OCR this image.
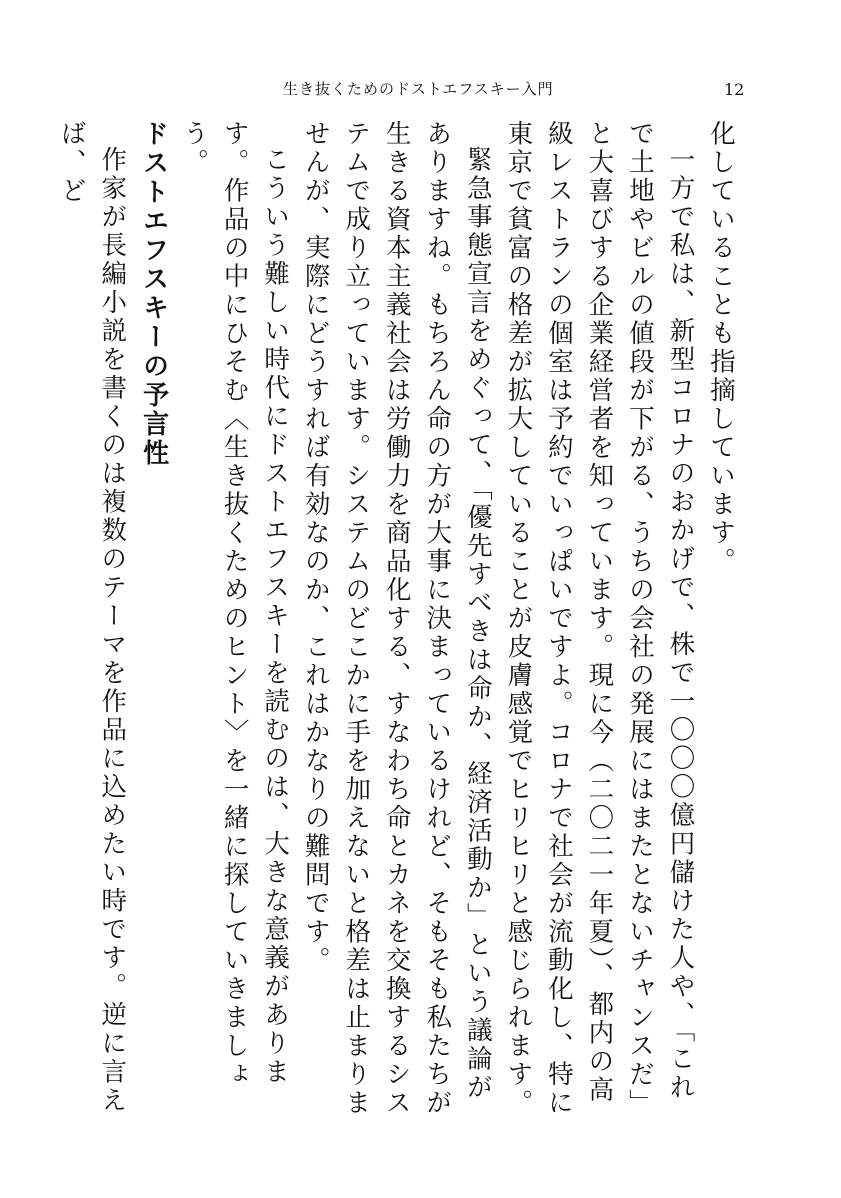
生き抜くためのドストエフスキー入門	12

化していることも指摘しています。

一方で私は、新型コロナのおかげで、株で一〇〇〇億円儲けた人や、「これで土地やビルの値段が下がる、うちの会社の発展にはまたとないチャンスだ」と大喜びする企業経営者を知っています。現に今（二〇二一年夏）、都内の高級レストランの個室は予約でいっぱいですよ。コロナで社会が流動化し、特に東京で貧富の格差が拡大していることが皮膚感覚でヒリヒリと感じられます。

緊急事態宣言をめぐって、「優先すべきは命か、経済活動か」という議論がありますね。もちろん命の方が大事に決まっているけれど、そもそも私たちが生きる資本主義社会は労働力を商品化する、すなわち命とカネを交換するシステムで成り立っています。システムのどこかに手を加えないと格差は止まりませんが、実際にどうすれば有効なのか、これはかなりの難問です。

こういう難しい時代にドストエフスキーを読むのは、大きな意義があります。作品の中にひそむ〈生き抜くためのヒント〉を一緒に探していきましょう。

ドストエフスキーの予言性

作家が長編小説を書くのは複数のテーマを作品に込めたい時です。逆に言えば、ど
